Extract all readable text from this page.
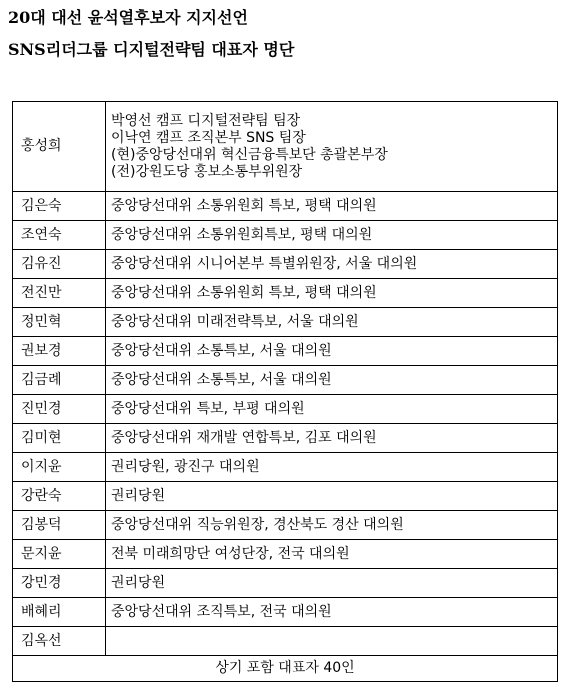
20대 대선 윤석열후보자 지지선언
SNS리더그룹 디지털전략팀 대표자 명단
홍성희	박영선 캠프 디지털전략팀 팀장
이낙연 캠프 조직본부 SNS 팀장
(현)중앙당선대위 혁신금융특보단 총괄본부장
(전)강원도당 홍보소통부위원장

김은숙	중앙당선대위 소통위원회 특보, 평택 대의원
조연숙	중앙당선대위 소통위원회특보, 평택 대의원
김유진	중앙당선대위 시니어본부 특별위원장, 서울 대의원
전진만	중앙당선대위 소통위원회 특보, 평택 대의원
정민혁	중앙당선대위 미래전략특보, 서울 대의원
권보경	중앙당선대위 소통특보, 서울 대의원
김금례	중앙당선대위 소통특보, 서울 대의원
진민경	중앙당선대위 특보, 부평 대의원
김미현	중앙당선대위 재개발 연합특보, 김포 대의원
이지윤	권리당원, 광진구 대의원
강란숙	권리당원
김봉덕	중앙당선대위 직능위원장, 경산북도 경산 대의원
문지윤	전북 미래희망단 여성단장, 전국 대의원
강민경	권리당원
배혜리	중앙당선대위 조직특보, 전국 대의원
김옥선	
상기 포함 대표자 40인	
